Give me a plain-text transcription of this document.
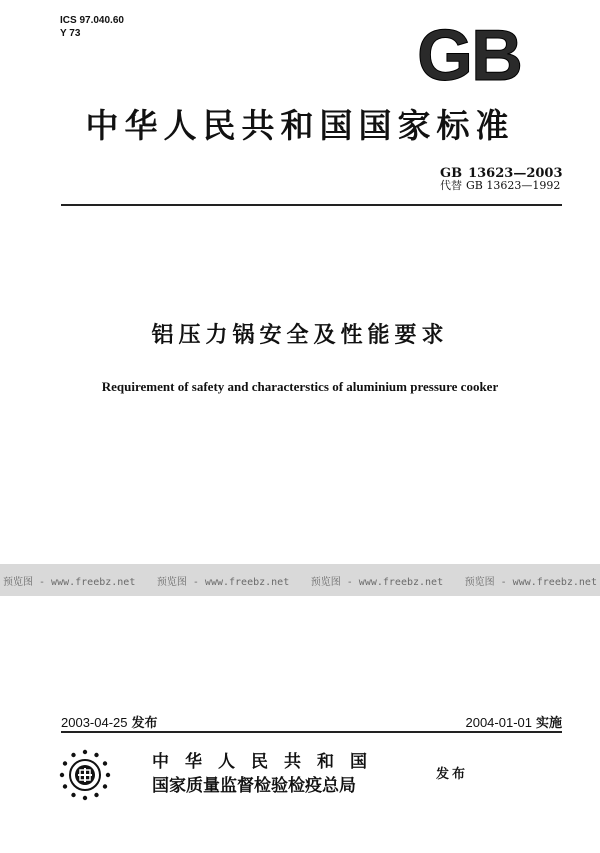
ICS 97.040.60
Y 73	GB
中华人民共和国国家标准
GB 13623—2003
代替 GB 13623—1992
铝压力锅安全及性能要求
Requirement of safety and characterstics of aluminium pressure cooker
预览图 - www.freebz.net 预览图 - www.freebz.net 预览图 - www.freebz.net 预览图 - www.freebz.net
2003-04-25 发布	2004-01-01 实施
中华人民共和国
国家质量监督检验检疫总局
发布
